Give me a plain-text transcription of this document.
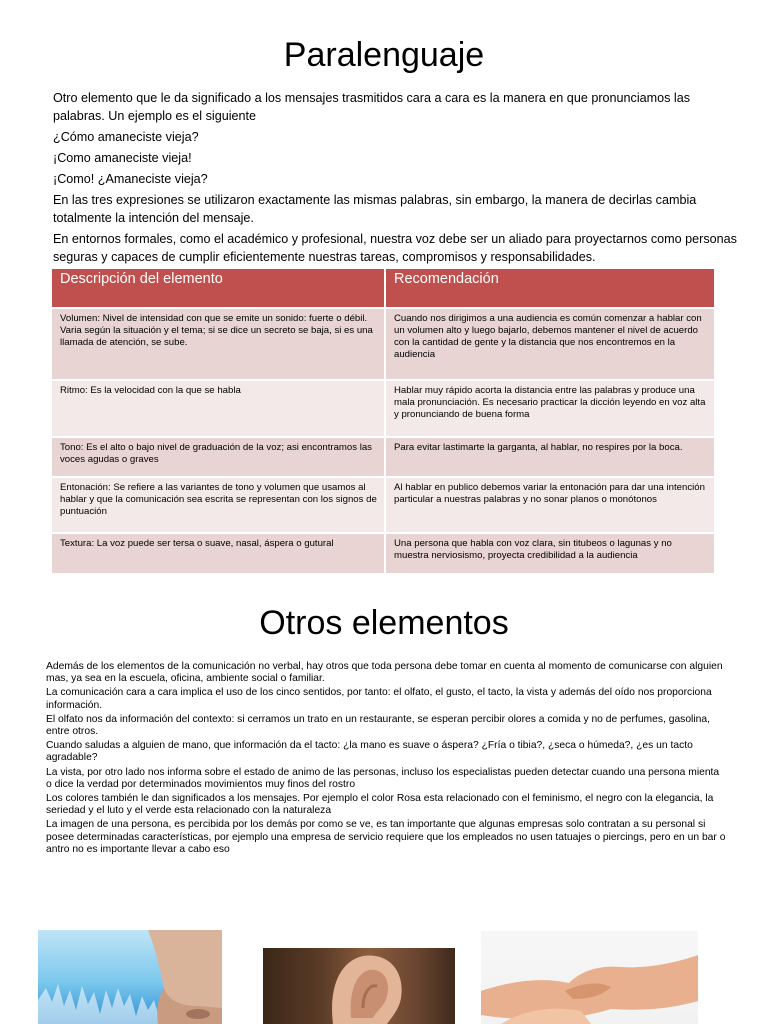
Paralenguaje

Otro elemento que le da significado a los mensajes trasmitidos cara a cara es la manera en que pronunciamos las palabras. Un ejemplo es el siguiente

¿Cómo amaneciste vieja?

¡Como amaneciste vieja!

¡Como! ¿Amaneciste vieja?

En las tres expresiones se utilizaron exactamente las mismas palabras, sin embargo, la manera de decirlas cambia totalmente la intención del mensaje.

En entornos formales, como el académico y profesional, nuestra voz debe ser un aliado para proyectarnos como personas seguras y capaces de cumplir eficientemente nuestras tareas, compromisos y responsabilidades.

Descripción del elemento	Recomendación
Volumen: Nivel de intensidad con que se emite un sonido: fuerte o débil. Varia según la situación y el tema; si se dice un secreto se baja, si es una llamada de atención, se sube.	Cuando nos dirigimos a una audiencia es común comenzar a hablar con un volumen alto y luego bajarlo, debemos mantener el nivel de acuerdo con la cantidad de gente y la distancia que nos encontremos en la audiencia
Ritmo: Es la velocidad con la que se habla	Hablar muy rápido acorta la distancia entre las palabras y produce una mala pronunciación. Es necesario practicar la dicción leyendo en voz alta y pronunciando de buena forma
Tono: Es el alto o bajo nivel de graduación de la voz; asi encontramos las voces agudas o graves	Para evitar lastimarte la garganta, al hablar, no respires por la boca.
Entonación: Se refiere a las variantes de tono y volumen que usamos al hablar y que la comunicación sea escrita se representan con los signos de puntuación	Al hablar en publico debemos variar la entonación para dar una intención particular a nuestras palabras y no sonar planos o monótonos
Textura: La voz puede ser tersa o suave, nasal, áspera o gutural	Una persona que habla con voz clara, sin titubeos o lagunas y no muestra nerviosismo, proyecta credibilidad a la audiencia
Otros elementos

Además de los elementos de la comunicación no verbal, hay otros que toda persona debe tomar en cuenta al momento de comunicarse con alguien mas, ya sea en la escuela, oficina, ambiente social o familiar.

La comunicación cara a cara implica el uso de los cinco sentidos, por tanto: el olfato, el gusto, el tacto, la vista y además del oído nos proporciona información.

El olfato nos da información del contexto: si cerramos un trato en un restaurante, se esperan percibir olores a comida y no de perfumes, gasolina, entre otros.

Cuando saludas a alguien de mano, que información da el tacto: ¿la mano es suave o áspera? ¿Fría o tibia?, ¿seca o húmeda?, ¿es un tacto agradable?

La vista, por otro lado nos informa sobre el estado de animo de las personas, incluso los especialistas pueden detectar cuando una persona mienta o dice la verdad por determinados movimientos muy finos del rostro

Los colores también le dan significados a los mensajes. Por ejemplo el color Rosa esta relacionado con el feminismo, el negro con la elegancia, la seriedad y el luto y el verde esta relacionado con la naturaleza

La imagen de una persona, es percibida por los demás por como se ve, es tan importante que algunas empresas solo contratan a su personal si posee determinadas características, por ejemplo una empresa de servicio requiere que los empleados no usen tatuajes o piercings, pero en un bar o antro no es importante llevar a cabo eso
